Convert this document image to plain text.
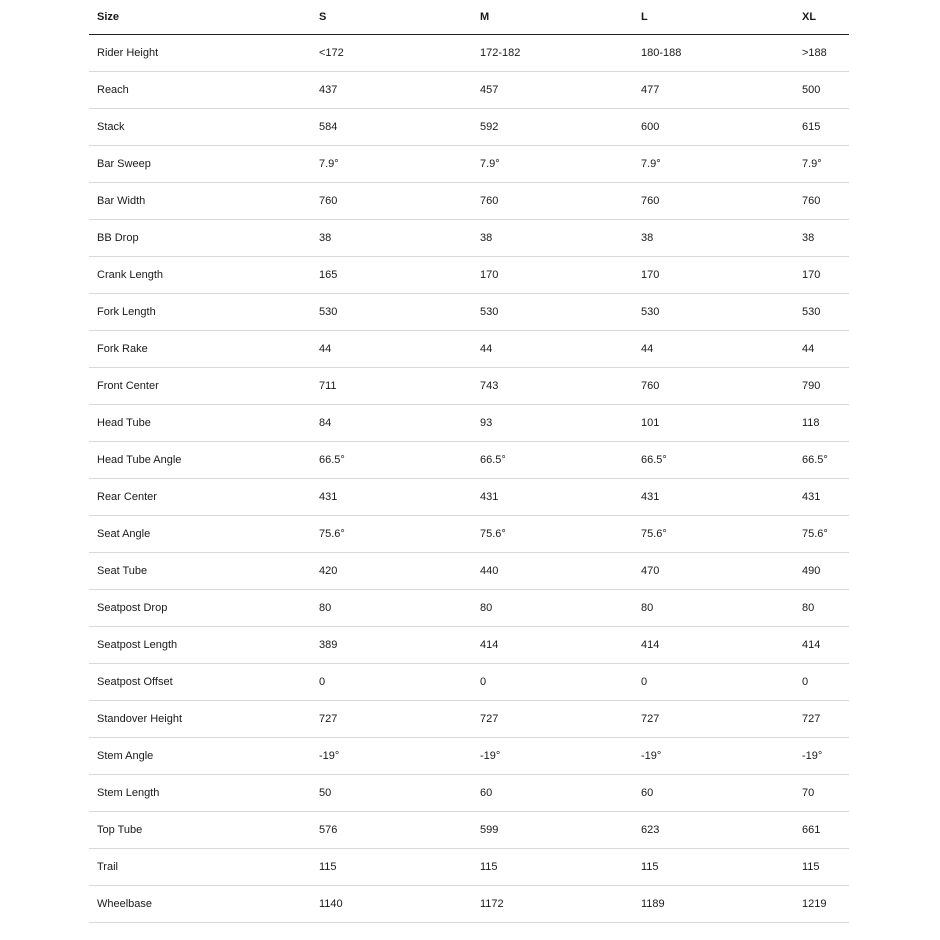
Size	S	M	L	XL
Rider Height	<172	172-182	180-188	>188
Reach	437	457	477	500
Stack	584	592	600	615
Bar Sweep	7.9°	7.9°	7.9°	7.9°
Bar Width	760	760	760	760
BB Drop	38	38	38	38
Crank Length	165	170	170	170
Fork Length	530	530	530	530
Fork Rake	44	44	44	44
Front Center	711	743	760	790
Head Tube	84	93	101	118
Head Tube Angle	66.5°	66.5°	66.5°	66.5°
Rear Center	431	431	431	431
Seat Angle	75.6°	75.6°	75.6°	75.6°
Seat Tube	420	440	470	490
Seatpost Drop	80	80	80	80
Seatpost Length	389	414	414	414
Seatpost Offset	0	0	0	0
Standover Height	727	727	727	727
Stem Angle	-19°	-19°	-19°	-19°
Stem Length	50	60	60	70
Top Tube	576	599	623	661
Trail	115	115	115	115
Wheelbase	1140	1172	1189	1219
